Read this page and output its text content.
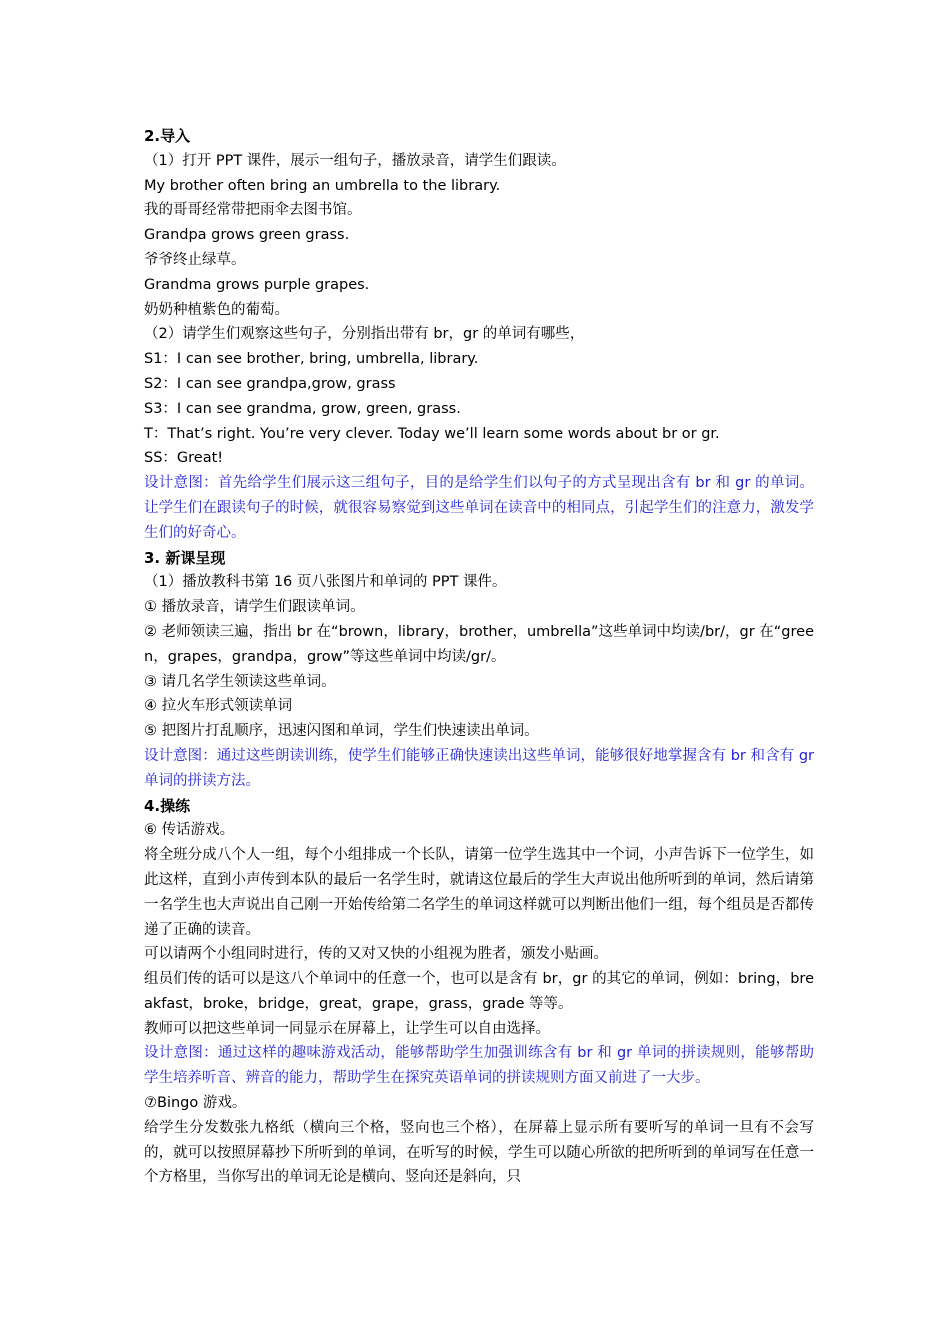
2.导入

（1）打开 PPT 课件，展示一组句子，播放录音，请学生们跟读。

My brother often bring an umbrella to the library.

我的哥哥经常带把雨伞去图书馆。

Grandpa grows green grass.

爷爷终止绿草。

Grandma grows purple grapes.

奶奶种植紫色的葡萄。

（2）请学生们观察这些句子，分别指出带有 br，gr 的单词有哪些，

S1：I can see brother, bring, umbrella, library.

S2：I can see grandpa,grow, grass

S3：I can see grandma, grow, green, grass.

T：That’s right. You’re very clever. Today we’ll learn some words about br or gr.

SS：Great!

设计意图：首先给学生们展示这三组句子，目的是给学生们以句子的方式呈现出含有 br 和 gr 的单词。让学生们在跟读句子的时候，就很容易察觉到这些单词在读音中的相同点，引起学生们的注意力，激发学生们的好奇心。

3. 新课呈现

（1）播放教科书第 16 页八张图片和单词的 PPT 课件。

① 播放录音，请学生们跟读单词。

② 老师领读三遍，指出 br 在“brown，library，brother，umbrella”这些单词中均读/br/，gr 在“green，grapes，grandpa，grow”等这些单词中均读/gr/。

③ 请几名学生领读这些单词。

④ 拉火车形式领读单词

⑤ 把图片打乱顺序，迅速闪图和单词，学生们快速读出单词。

设计意图：通过这些朗读训练，使学生们能够正确快速读出这些单词，能够很好地掌握含有 br 和含有 gr 单词的拼读方法。

4.操练

⑥ 传话游戏。

将全班分成八个人一组，每个小组排成一个长队，请第一位学生选其中一个词，小声告诉下一位学生，如此这样，直到小声传到本队的最后一名学生时，就请这位最后的学生大声说出他所听到的单词，然后请第一名学生也大声说出自己刚一开始传给第二名学生的单词这样就可以判断出他们一组，每个组员是否都传递了正确的读音。

可以请两个小组同时进行，传的又对又快的小组视为胜者，颁发小贴画。

组员们传的话可以是这八个单词中的任意一个，也可以是含有 br，gr 的其它的单词，例如：bring，breakfast，broke，bridge，great，grape，grass，grade 等等。

教师可以把这些单词一同显示在屏幕上，让学生可以自由选择。

设计意图：通过这样的趣味游戏活动，能够帮助学生加强训练含有 br 和 gr 单词的拼读规则，能够帮助学生培养听音、辨音的能力，帮助学生在探究英语单词的拼读规则方面又前进了一大步。

⑦Bingo 游戏。

给学生分发数张九格纸（横向三个格，竖向也三个格），在屏幕上显示所有要听写的单词一旦有不会写的，就可以按照屏幕抄下所听到的单词，在听写的时候，学生可以随心所欲的把所听到的单词写在任意一个方格里，当你写出的单词无论是横向、竖向还是斜向，只
